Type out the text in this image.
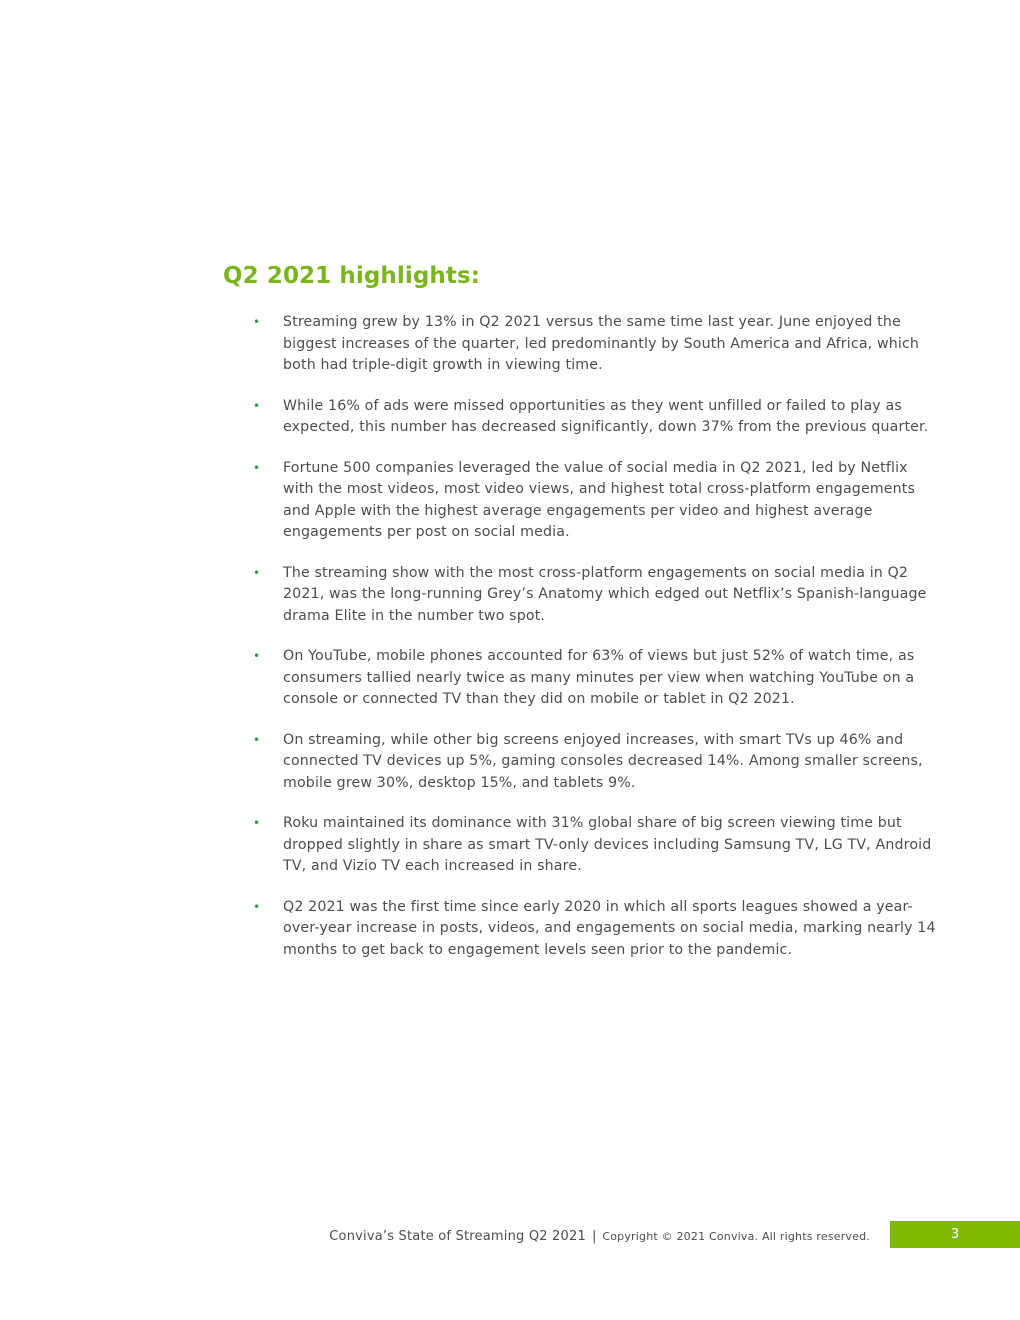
Q2 2021 highlights:
•	Streaming grew by 13% in Q2 2021 versus the same time last year. June enjoyed the biggest increases of the quarter, led predominantly by South America and Africa, which both had triple-digit growth in viewing time.
•	While 16% of ads were missed opportunities as they went unfilled or failed to play as expected, this number has decreased significantly, down 37% from the previous quarter.
•	Fortune 500 companies leveraged the value of social media in Q2 2021, led by Netflix with the most videos, most video views, and highest total cross-platform engagements and Apple with the highest average engagements per video and highest average engagements per post on social media.
•	The streaming show with the most cross-platform engagements on social media in Q2 2021, was the long-running Grey’s Anatomy which edged out Netflix’s Spanish-language drama Elite in the number two spot.
•	On YouTube, mobile phones accounted for 63% of views but just 52% of watch time, as consumers tallied nearly twice as many minutes per view when watching YouTube on a console or connected TV than they did on mobile or tablet in Q2 2021.
•	On streaming, while other big screens enjoyed increases, with smart TVs up 46% and connected TV devices up 5%, gaming consoles decreased 14%. Among smaller screens, mobile grew 30%, desktop 15%, and tablets 9%.
•	Roku maintained its dominance with 31% global share of big screen viewing time but dropped slightly in share as smart TV-only devices including Samsung TV, LG TV, Android TV, and Vizio TV each increased in share.
•	Q2 2021 was the first time since early 2020 in which all sports leagues showed a year-over-year increase in posts, videos, and engagements on social media, marking nearly 14 months to get back to engagement levels seen prior to the pandemic.
Conviva’s State of Streaming Q2 2021 | Copyright © 2021 Conviva. All rights reserved.	3
